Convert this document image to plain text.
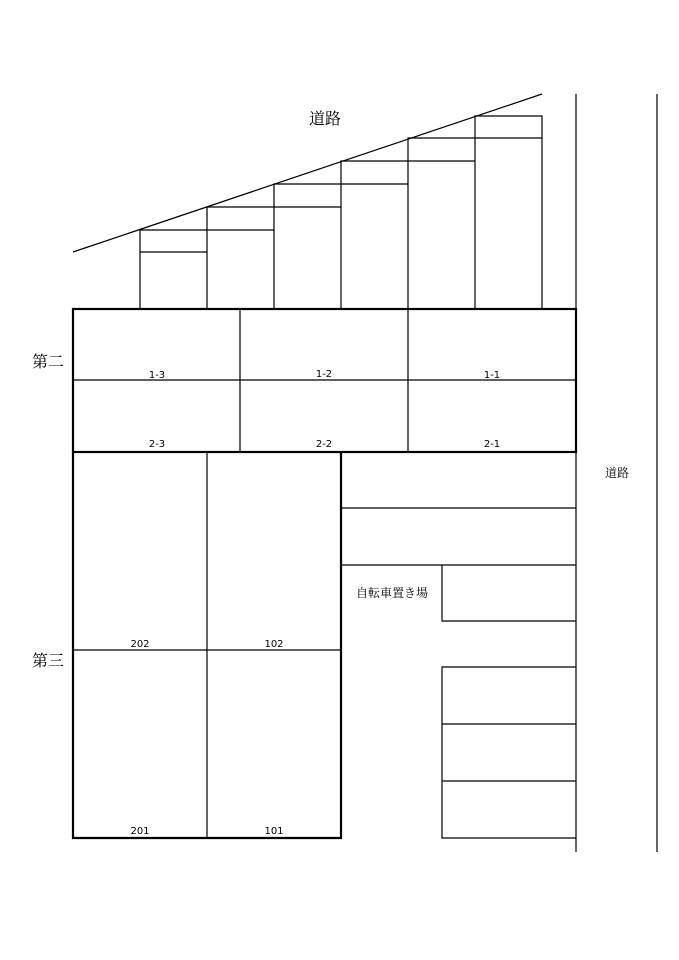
道路
道路
第二
第三
自転車置き場
1-3	1-2	1-1
2-3	2-2	2-1
202	102
201	101
